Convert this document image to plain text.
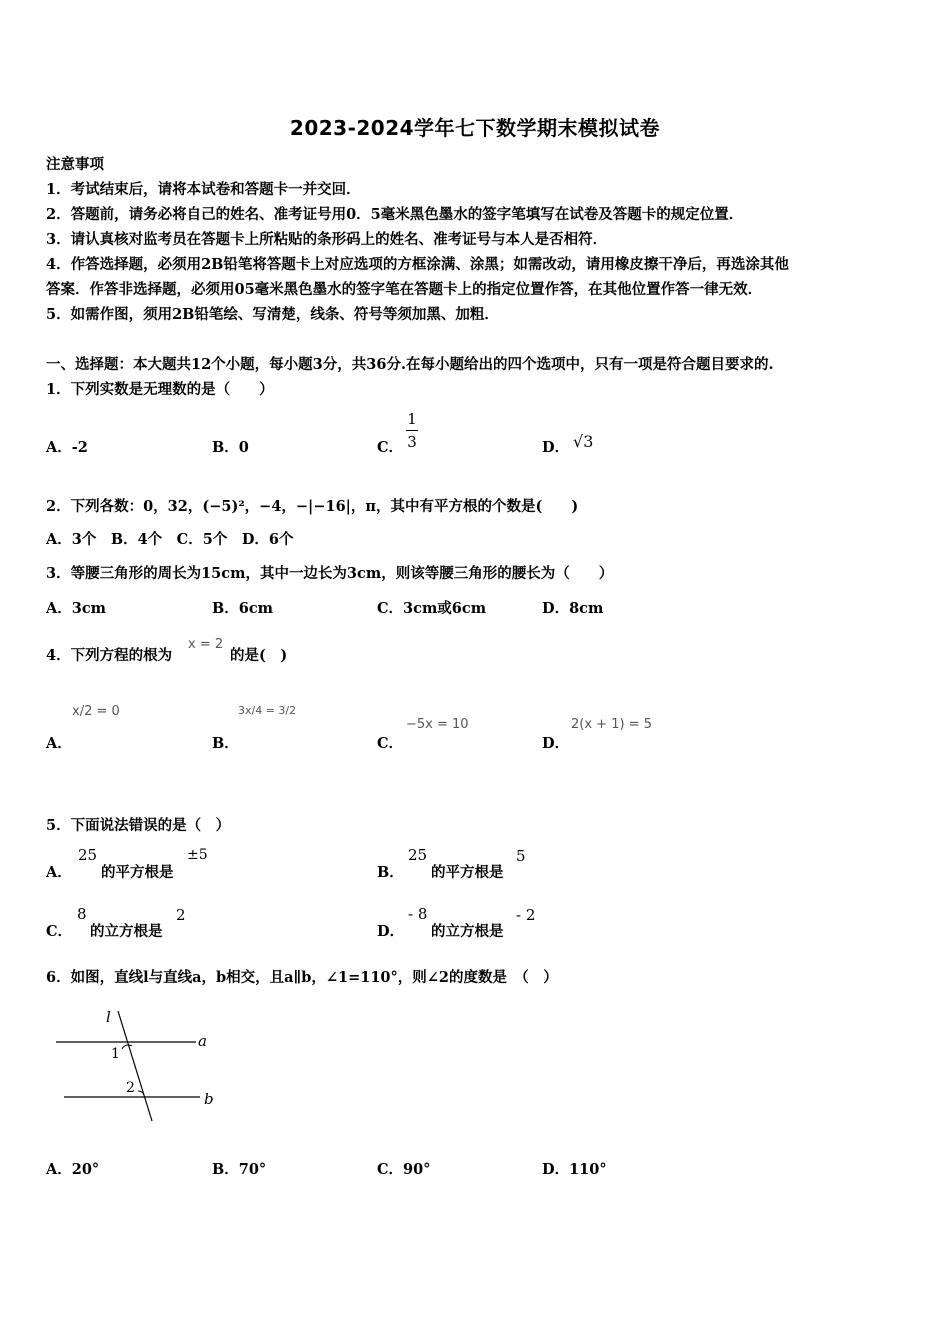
2023-2024学年七下数学期末模拟试卷
注意事项
1．考试结束后，请将本试卷和答题卡一并交回．
2．答题前，请务必将自己的姓名、准考证号用0．5毫米黑色墨水的签字笔填写在试卷及答题卡的规定位置．
3．请认真核对监考员在答题卡上所粘贴的条形码上的姓名、准考证号与本人是否相符．
4．作答选择题，必须用2B铅笔将答题卡上对应选项的方框涂满、涂黑；如需改动，请用橡皮擦干净后，再选涂其他
答案．作答非选择题，必须用05毫米黑色墨水的签字笔在答题卡上的指定位置作答，在其他位置作答一律无效．
5．如需作图，须用2B铅笔绘、写清楚，线条、符号等须加黑、加粗．
一、选择题：本大题共12个小题，每小题3分，共36分.在每小题给出的四个选项中，只有一项是符合题目要求的.
1．下列实数是无理数的是（　　）
A．-2	B．0	C．
1
3	D． √3
2．下列各数：0，32，(−5)²，−4，−|−16|，π，其中有平方根的个数是(　　)
A．3个　B．4个　C．5个　D．6个
3．等腰三角形的周长为15cm，其中一边长为3cm，则该等腰三角形的腰长为（　　）
A．3cm	B．6cm	C．3cm或6cm	D．8cm
4．下列方程的根为
x = 2
的是(　)
A．
x/2 = 0
B．
3x/4 = 3/2
C．
−5x = 10
D．
2(x + 1) = 5
5．下面说法错误的是（　）
A．
25
的平方根是
±5
B．
25
的平方根是
5
C．
8
的立方根是
2
D．
- 8
的立方根是
- 2
6．如图，直线l与直线a，b相交，且a∥b，∠1=110°，则∠2的度数是　（　）
l
a
b
1
2
A．20°	B．70°	C．90°	D．110°
